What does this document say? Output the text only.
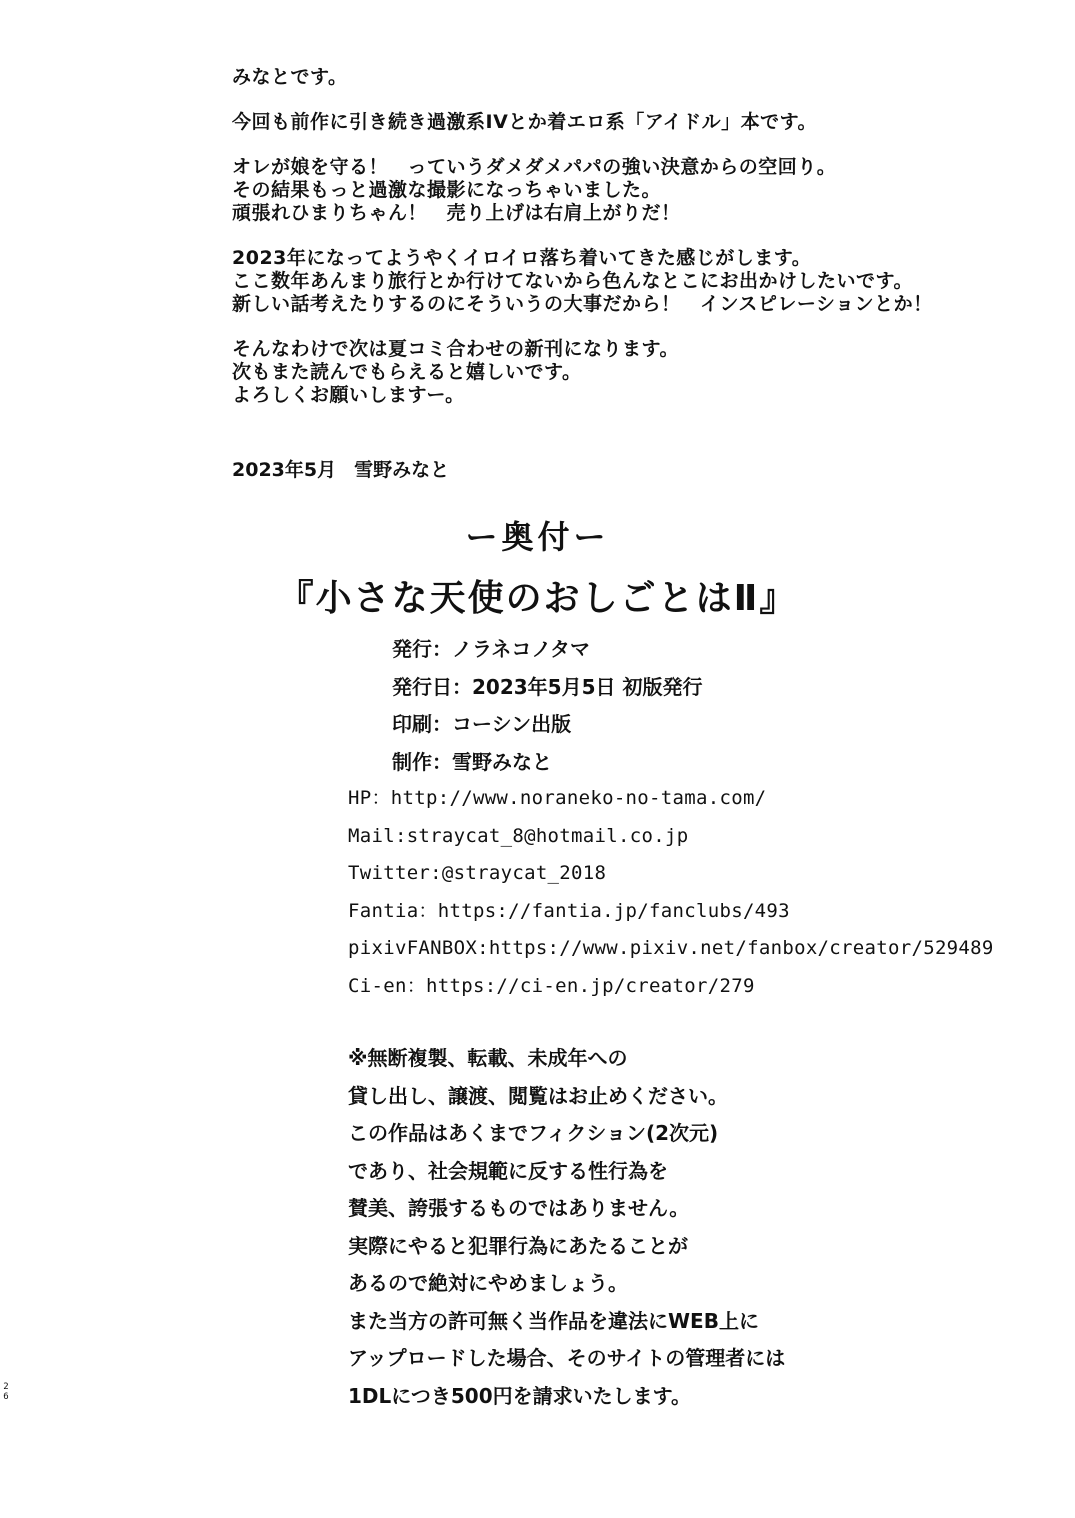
みなとです。

今回も前作に引き続き過激系IVとか着エロ系「アイドル」本です。

オレが娘を守る！　っていうダメダメパパの強い決意からの空回り。
その結果もっと過激な撮影になっちゃいました。
頑張れひまりちゃん！　売り上げは右肩上がりだ！

2023年になってようやくイロイロ落ち着いてきた感じがします。
ここ数年あんまり旅行とか行けてないから色んなとこにお出かけしたいです。
新しい話考えたりするのにそういうの大事だから！　インスピレーションとか！

そんなわけで次は夏コミ合わせの新刊になります。
次もまた読んでもらえると嬉しいです。
よろしくお願いしますー。

2023年5月 雪野みなと
ー奥付ー
『小さな天使のおしごとはⅡ』
発行：ノラネコノタマ
発行日：2023年5月5日 初版発行
印刷：コーシン出版
制作：雪野みなと
HP：http://www.noraneko-no-tama.com/
Mail:straycat_8@hotmail.co.jp
Twitter:@straycat_2018
Fantia：https://fantia.jp/fanclubs/493
pixivFANBOX:https://www.pixiv.net/fanbox/creator/529489
Ci-en：https://ci-en.jp/creator/279
※無断複製、転載、未成年への
貸し出し、譲渡、閲覧はお止めください。
この作品はあくまでフィクション(2次元)
であり、社会規範に反する性行為を
賛美、誇張するものではありません。
実際にやると犯罪行為にあたることが
あるので絶対にやめましょう。
また当方の許可無く当作品を違法にWEB上に
アップロードした場合、そのサイトの管理者には
1DLにつき500円を請求いたします。
2
6
